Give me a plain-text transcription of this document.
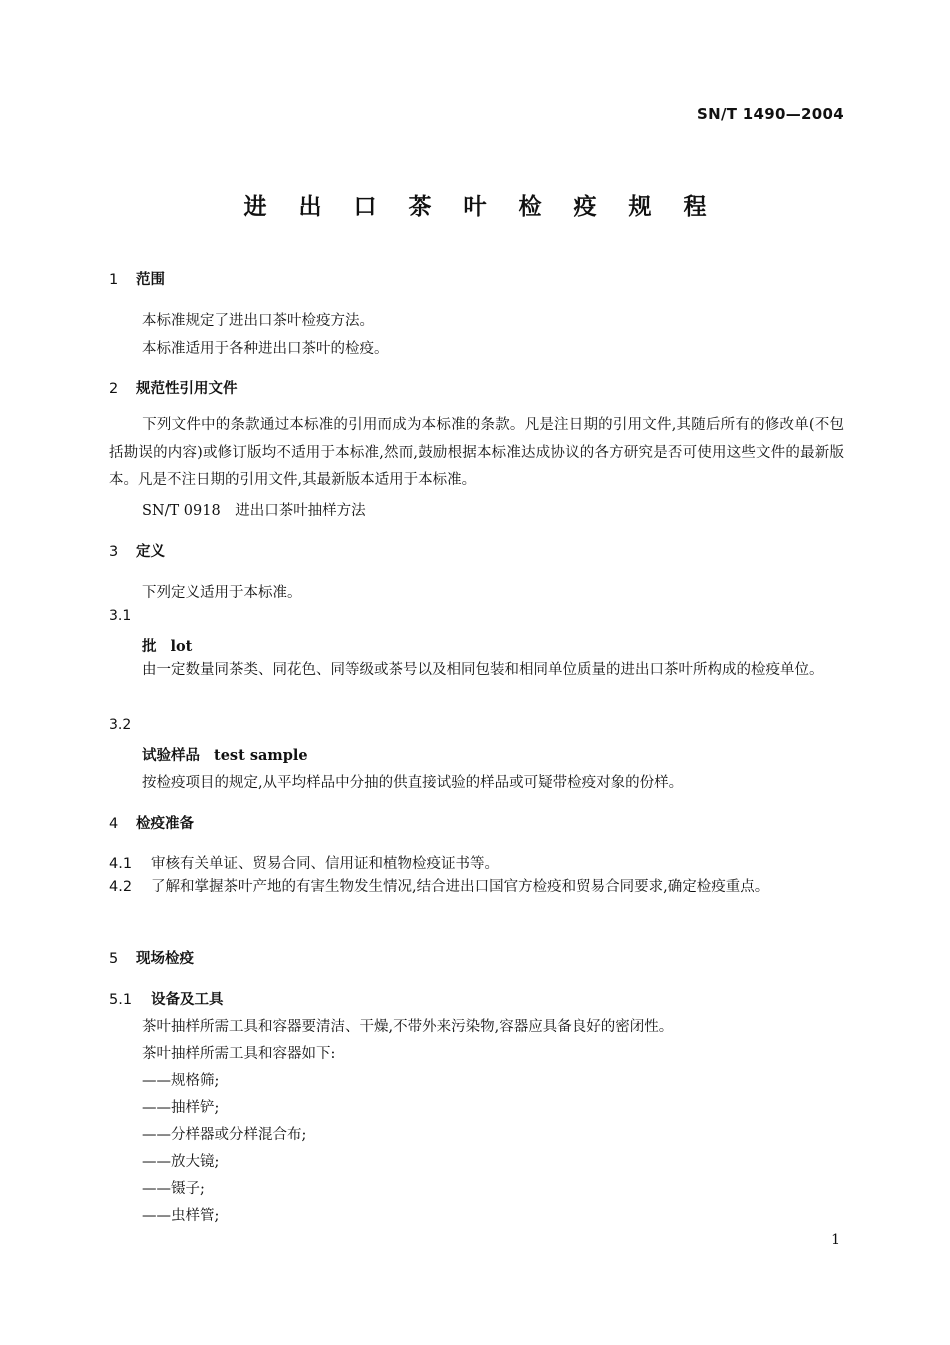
SN/T 1490—2004
进 出 口 茶 叶 检 疫 规 程
1 范围
本标准规定了进出口茶叶检疫方法。
本标准适用于各种进出口茶叶的检疫。
2 规范性引用文件
下列文件中的条款通过本标准的引用而成为本标准的条款。凡是注日期的引用文件,其随后所有的修改单(不包括勘误的内容)或修订版均不适用于本标准,然而,鼓励根据本标准达成协议的各方研究是否可使用这些文件的最新版本。凡是不注日期的引用文件,其最新版本适用于本标准。
SN/T 0918　进出口茶叶抽样方法
3 定义
下列定义适用于本标准。
3.1
批 lot
由一定数量同茶类、同花色、同等级或茶号以及相同包装和相同单位质量的进出口茶叶所构成的检疫单位。
3.2
试验样品 test sample
按检疫项目的规定,从平均样品中分抽的供直接试验的样品或可疑带检疫对象的份样。
4 检疫准备
4.1 审核有关单证、贸易合同、信用证和植物检疫证书等。
4.2 了解和掌握茶叶产地的有害生物发生情况,结合进出口国官方检疫和贸易合同要求,确定检疫重点。
5 现场检疫
5.1 设备及工具
茶叶抽样所需工具和容器要清洁、干燥,不带外来污染物,容器应具备良好的密闭性。
茶叶抽样所需工具和容器如下:
——规格筛;
——抽样铲;
——分样器或分样混合布;
——放大镜;
——镊子;
——虫样管;
1
